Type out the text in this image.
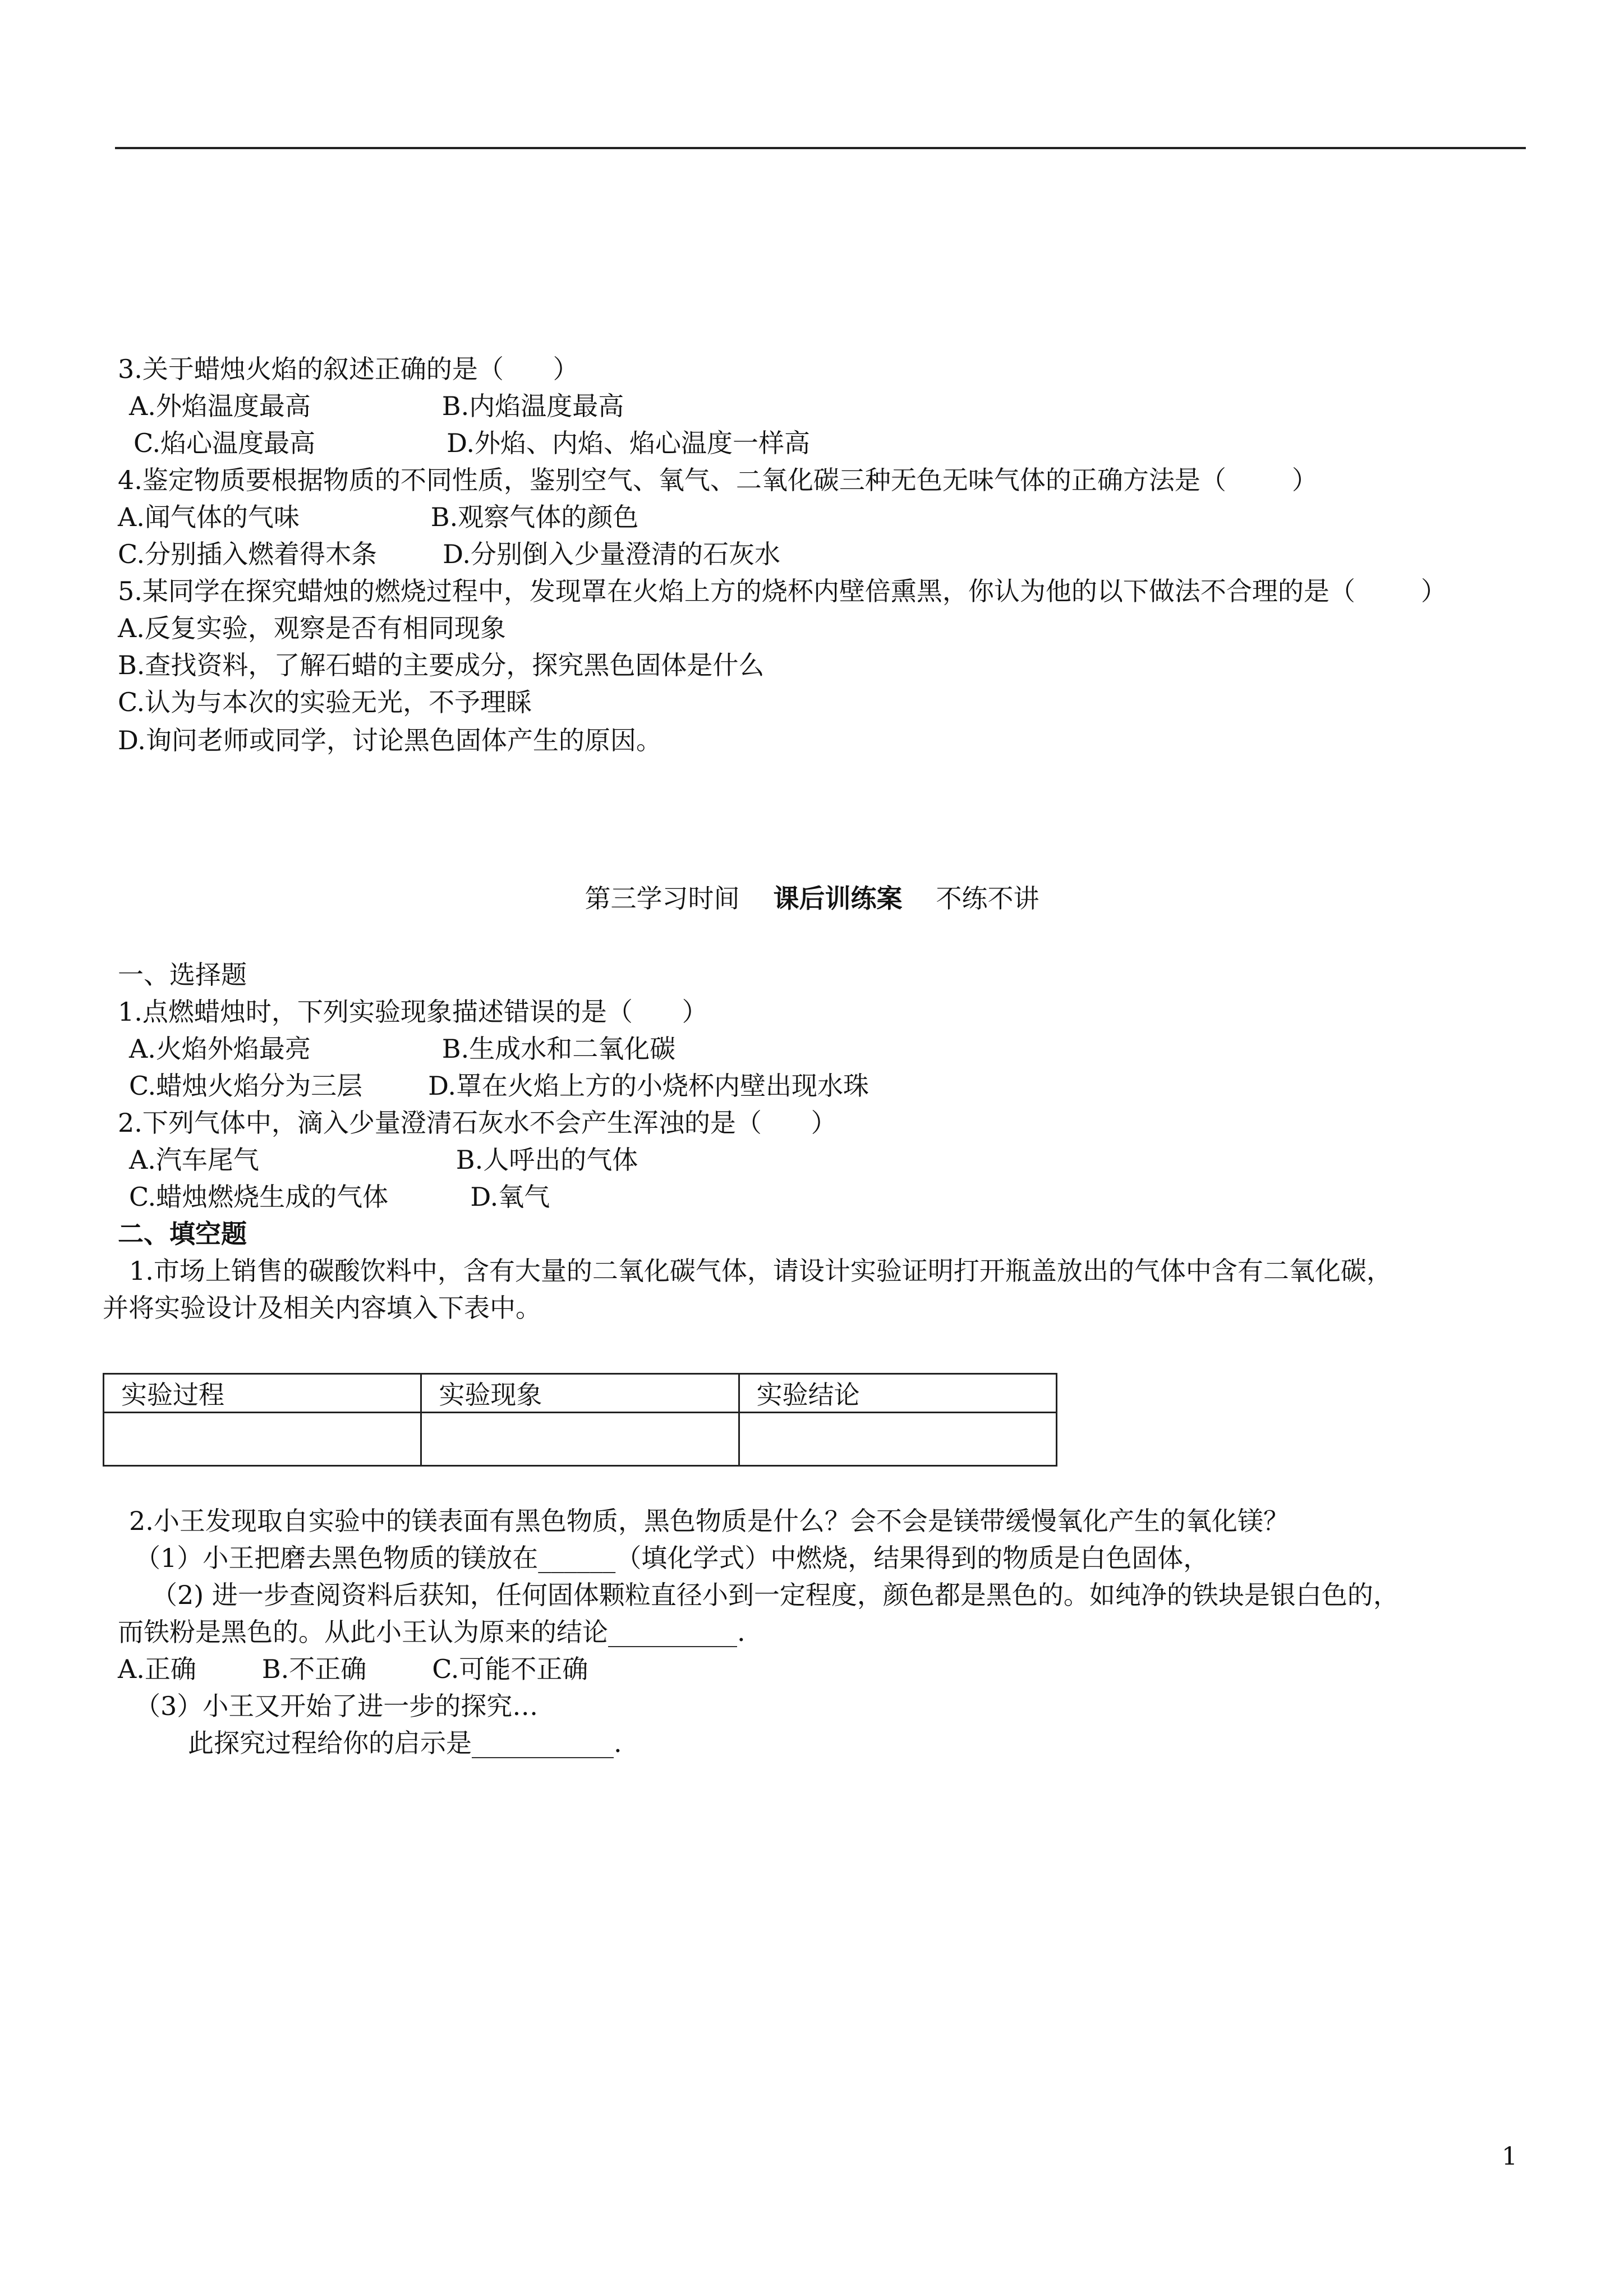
3.关于蜡烛火焰的叙述正确的是（      ）
A.外焰温度最高                B.内焰温度最高
C.焰心温度最高                D.外焰、内焰、焰心温度一样高
4.鉴定物质要根据物质的不同性质，鉴别空气、氧气、二氧化碳三种无色无味气体的正确方法是（        ）
A.闻气体的气味                B.观察气体的颜色
C.分别插入燃着得木条        D.分别倒入少量澄清的石灰水
5.某同学在探究蜡烛的燃烧过程中，发现罩在火焰上方的烧杯内壁倍熏黑，你认为他的以下做法不合理的是（        ）
A.反复实验，观察是否有相同现象
B.查找资料，了解石蜡的主要成分，探究黑色固体是什么
C.认为与本次的实验无光，不予理睬
D.询问老师或同学，讨论黑色固体产生的原因。
第三学习时间 课后训练案 不练不讲
一、选择题
1.点燃蜡烛时，下列实验现象描述错误的是（      ）
A.火焰外焰最亮                B.生成水和二氧化碳
C.蜡烛火焰分为三层        D.罩在火焰上方的小烧杯内壁出现水珠
2.下列气体中，滴入少量澄清石灰水不会产生浑浊的是（      ）
A.汽车尾气                        B.人呼出的气体
C.蜡烛燃烧生成的气体          D.氧气
二、填空题
1.市场上销售的碳酸饮料中，含有大量的二氧化碳气体，请设计实验证明打开瓶盖放出的气体中含有二氧化碳，
并将实验设计及相关内容填入下表中。
实验过程	实验现象	实验结论

2.小王发现取自实验中的镁表面有黑色物质，黑色物质是什么？会不会是镁带缓慢氧化产生的氧化镁？
（1）小王把磨去黑色物质的镁放在______（填化学式）中燃烧，结果得到的物质是白色固体，
（2) 进一步查阅资料后获知，任何固体颗粒直径小到一定程度，颜色都是黑色的。如纯净的铁块是银白色的，
而铁粉是黑色的。从此小王认为原来的结论__________.
A.正确        B.不正确        C.可能不正确
（3）小王又开始了进一步的探究…
此探究过程给你的启示是___________.
1
